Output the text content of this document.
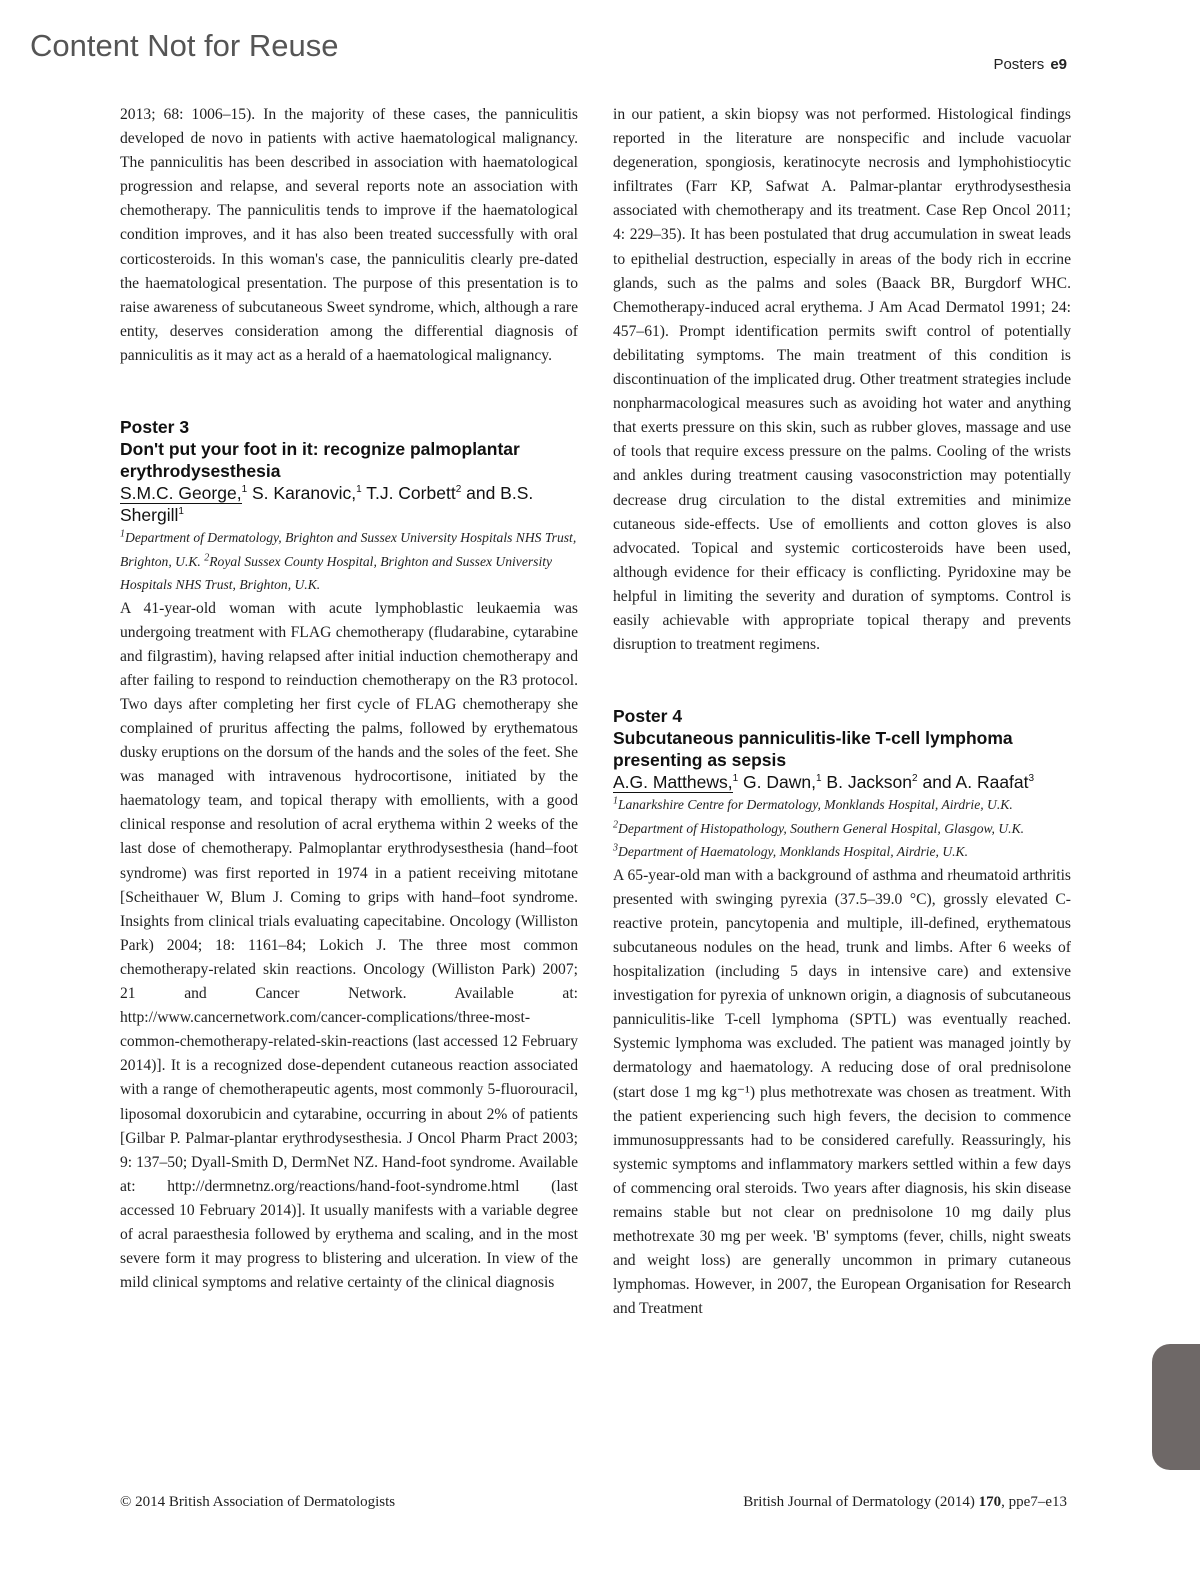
Content Not for Reuse
Posters e9

2013; 68: 1006–15). In the majority of these cases, the panniculitis developed de novo in patients with active haematological malignancy. The panniculitis has been described in association with haematological progression and relapse, and several reports note an association with chemotherapy. The panniculitis tends to improve if the haematological condition improves, and it has also been treated successfully with oral corticosteroids. In this woman's case, the panniculitis clearly pre-dated the haematological presentation. The purpose of this presentation is to raise awareness of subcutaneous Sweet syndrome, which, although a rare entity, deserves consideration among the differential diagnosis of panniculitis as it may act as a herald of a haematological malignancy.

Poster 3
Don't put your foot in it: recognize palmoplantar erythrodysesthesia
S.M.C. George,$^1$ S. Karanovic,$^1$ T.J. Corbett$^2$ and B.S. Shergill$^1$
$^1$Department of Dermatology, Brighton and Sussex University Hospitals NHS Trust, Brighton, U.K. $^2$Royal Sussex County Hospital, Brighton and Sussex University Hospitals NHS Trust, Brighton, U.K.

A 41-year-old woman with acute lymphoblastic leukaemia was undergoing treatment with FLAG chemotherapy (fludarabine, cytarabine and filgrastim), having relapsed after initial induction chemotherapy and after failing to respond to reinduction chemotherapy on the R3 protocol. Two days after completing her first cycle of FLAG chemotherapy she complained of pruritus affecting the palms, followed by erythematous dusky eruptions on the dorsum of the hands and the soles of the feet. She was managed with intravenous hydrocortisone, initiated by the haematology team, and topical therapy with emollients, with a good clinical response and resolution of acral erythema within 2 weeks of the last dose of chemotherapy. Palmoplantar erythrodysesthesia (hand–foot syndrome) was first reported in 1974 in a patient receiving mitotane [Scheithauer W, Blum J. Coming to grips with hand–foot syndrome. Insights from clinical trials evaluating capecitabine. Oncology (Williston Park) 2004; 18: 1161–84; Lokich J. The three most common chemotherapy-related skin reactions. Oncology (Williston Park) 2007; 21 and Cancer Network. Available at: http://www.cancernetwork.com/cancer-complications/three-most-common-chemotherapy-related-skin-reactions (last accessed 12 February 2014)]. It is a recognized dose-dependent cutaneous reaction associated with a range of chemotherapeutic agents, most commonly 5-fluorouracil, liposomal doxorubicin and cytarabine, occurring in about 2% of patients [Gilbar P. Palmar-plantar erythrodysesthesia. J Oncol Pharm Pract 2003; 9: 137–50; Dyall-Smith D, DermNet NZ. Hand-foot syndrome. Available at: http://dermnetnz.org/reactions/hand-foot-syndrome.html (last accessed 10 February 2014)]. It usually manifests with a variable degree of acral paraesthesia followed by erythema and scaling, and in the most severe form it may progress to blistering and ulceration. In view of the mild clinical symptoms and relative certainty of the clinical diagnosis

in our patient, a skin biopsy was not performed. Histological findings reported in the literature are nonspecific and include vacuolar degeneration, spongiosis, keratinocyte necrosis and lymphohistiocytic infiltrates (Farr KP, Safwat A. Palmar-plantar erythrodysesthesia associated with chemotherapy and its treatment. Case Rep Oncol 2011; 4: 229–35). It has been postulated that drug accumulation in sweat leads to epithelial destruction, especially in areas of the body rich in eccrine glands, such as the palms and soles (Baack BR, Burgdorf WHC. Chemotherapy-induced acral erythema. J Am Acad Dermatol 1991; 24: 457–61). Prompt identification permits swift control of potentially debilitating symptoms. The main treatment of this condition is discontinuation of the implicated drug. Other treatment strategies include nonpharmacological measures such as avoiding hot water and anything that exerts pressure on this skin, such as rubber gloves, massage and use of tools that require excess pressure on the palms. Cooling of the wrists and ankles during treatment causing vasoconstriction may potentially decrease drug circulation to the distal extremities and minimize cutaneous side-effects. Use of emollients and cotton gloves is also advocated. Topical and systemic corticosteroids have been used, although evidence for their efficacy is conflicting. Pyridoxine may be helpful in limiting the severity and duration of symptoms. Control is easily achievable with appropriate topical therapy and prevents disruption to treatment regimens.

Poster 4
Subcutaneous panniculitis-like T-cell lymphoma presenting as sepsis
A.G. Matthews,$^1$ G. Dawn,$^1$ B. Jackson$^2$ and A. Raafat$^3$
$^1$Lanarkshire Centre for Dermatology, Monklands Hospital, Airdrie, U.K.
$^2$Department of Histopathology, Southern General Hospital, Glasgow, U.K.
$^3$Department of Haematology, Monklands Hospital, Airdrie, U.K.

A 65-year-old man with a background of asthma and rheumatoid arthritis presented with swinging pyrexia (37.5–39.0 °C), grossly elevated C-reactive protein, pancytopenia and multiple, ill-defined, erythematous subcutaneous nodules on the head, trunk and limbs. After 6 weeks of hospitalization (including 5 days in intensive care) and extensive investigation for pyrexia of unknown origin, a diagnosis of subcutaneous panniculitis-like T-cell lymphoma (SPTL) was eventually reached. Systemic lymphoma was excluded. The patient was managed jointly by dermatology and haematology. A reducing dose of oral prednisolone (start dose 1 mg kg⁻¹) plus methotrexate was chosen as treatment. With the patient experiencing such high fevers, the decision to commence immunosuppressants had to be considered carefully. Reassuringly, his systemic symptoms and inflammatory markers settled within a few days of commencing oral steroids. Two years after diagnosis, his skin disease remains stable but not clear on prednisolone 10 mg daily plus methotrexate 30 mg per week. 'B' symptoms (fever, chills, night sweats and weight loss) are generally uncommon in primary cutaneous lymphomas. However, in 2007, the European Organisation for Research and Treatment

© 2014 British Association of Dermatologists	British Journal of Dermatology (2014) 170, ppe7–e13
